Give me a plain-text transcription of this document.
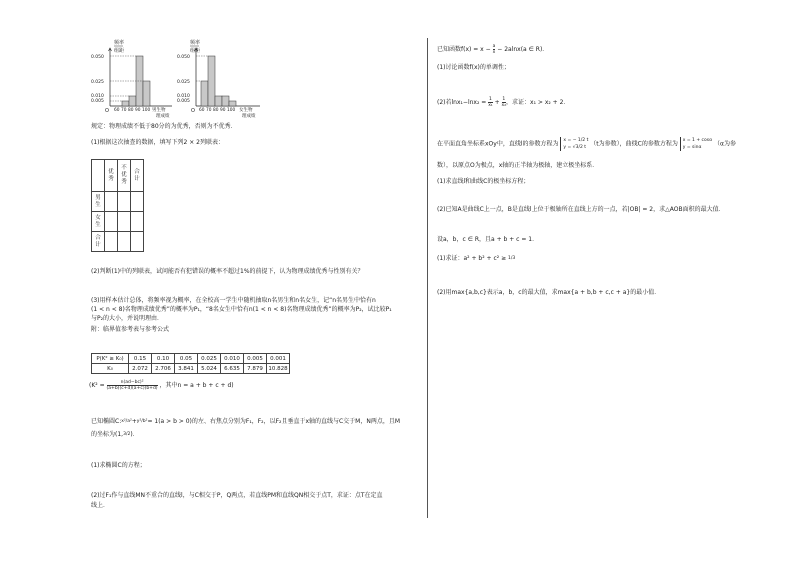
频率
组距
0.050
0.025
0.010
0.005
O 60 70 80 90 100 男生物
理成绩
频率
组距
0.050
0.025
0.010
0.005
O 60 70 80 90 100 女生物
理成绩
规定：物理成绩不低于80分的为优秀，否则为不优秀．
(1)根据这次抽查的数据，填写下列2 × 2列联表：
	优秀	不优秀	合计
男生			
女生			
合计			
(2)判断(1)中的列联表，试问能否有犯错误的概率不超过1%的前提下，认为物理成绩优秀与性别有关？
(3)用样本估计总体，将频率视为概率，在全校高一学生中随机抽取n名男生和n名女生，记“n名男生中恰有n
(1 < n < 8)名物理成绩优秀”的概率为P₁，“8名女生中恰有n(1 < n < 8)名物理成绩优秀”的概率为P₂，试比较P₁
与P₂的大小，并说明理由．
附：临界值参考表与参考公式
P(K² ≥ K₀)	0.15	0.10	0.05	0.025	0.010	0.005	0.001
K₀	2.072	2.706	3.841	5.024	6.635	7.879	10.828
($K^2 = \frac{\text{n(ad−bc)²}}{(a+b)(c+d)(a+c)(b+d)}$ ，其中n = a + b + c + d)
已知椭圆C: x²/a² + y²/b² = 1(a > b > 0)的左、右焦点分别为F₁，F₂，以F₂且垂直于x轴的直线与C交于M，N两点，且M
的坐标为(1, 3/2 )．
(1)求椭圆C的方程；
(2)过F₁作与直线MN不重合的直线l，与C相交于P，Q两点，若直线PM和直线QN相交于点T，求证：点T在定直
线上．
已知函数$f(x) = x - \frac{a}{x} - 2alnx(a$ ∈ R)．
(1)讨论函数f(x)的单调性；
(2)若$\ln x_1-\ln x_2 = \frac{1}{\text{x₁}} + \frac{1}{\text{x₂}}$ ，求证：x₁ > x₂ + 2．
在平面直角坐标系xOy中，直线l的参数方程为 x = − 1/2 t
y = √3/2 t （t为参数），曲线C的参数方程为 x = 1 + cosα
y = sinα	（α为参
数），以原点O为极点，x轴的正半轴为极轴，建立极坐标系．
(1)求直线l和曲线C的极坐标方程；
(2)已知A是曲线C上一点，B是直线l上位于极轴所在直线上方的一点，若|OB| = 2，求△AOB面积的最大值．
设a，b，c ∈ R，且a + b + c = 1．
(1)求证：a² + b² + c² ≥ 1/3
(2)用max{a,b,c}表示a，b，c的最大值，求max{a + b,b + c,c + a}的最小值．
